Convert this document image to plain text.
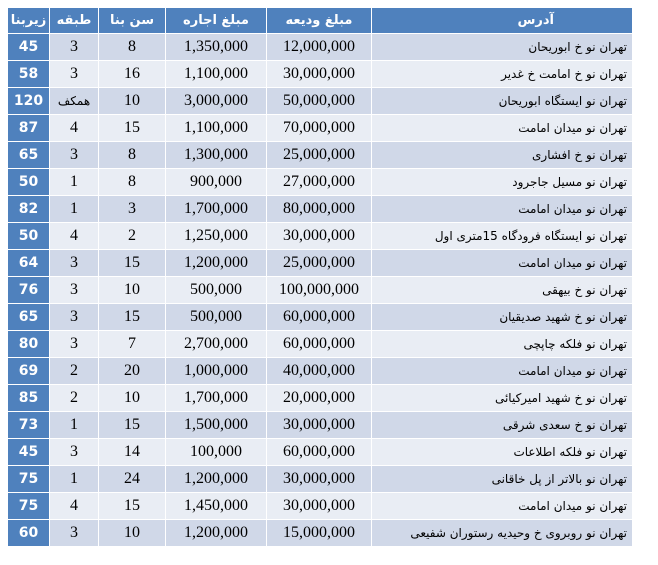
زیربنا	طبقه	سن بنا	مبلغ اجاره	مبلغ ودیعه	آدرس
45	3	8	1,350,000	12,000,000	تهران نو خ ابوریحان
58	3	16	1,100,000	30,000,000	تهران نو خ امامت خ غدیر
120	همکف	10	3,000,000	50,000,000	تهران نو ایستگاه ابوریحان
87	4	15	1,100,000	70,000,000	تهران نو میدان امامت
65	3	8	1,300,000	25,000,000	تهران نو خ افشاری
50	1	8	900,000	27,000,000	تهران نو مسیل جاجرود
82	1	3	1,700,000	80,000,000	تهران نو میدان امامت
50	4	2	1,250,000	30,000,000	تهران نو ایستگاه فرودگاه 15متری اول
64	3	15	1,200,000	25,000,000	تهران نو میدان امامت
76	3	10	500,000	100,000,000	تهران نو خ بیهقی
65	3	15	500,000	60,000,000	تهران نو خ شهید صدیقیان
80	3	7	2,700,000	60,000,000	تهران نو فلکه چاپچی
69	2	20	1,000,000	40,000,000	تهران نو میدان امامت
85	2	10	1,700,000	20,000,000	تهران نو خ شهید امیرکیائی
73	1	15	1,500,000	30,000,000	تهران نو خ سعدی شرقی
45	3	14	100,000	60,000,000	تهران نو فلکه اطلاعات
75	1	24	1,200,000	30,000,000	تهران نو بالاتر از پل خاقانی
75	4	15	1,450,000	30,000,000	تهران نو میدان امامت
60	3	10	1,200,000	15,000,000	تهران نو روبروی خ وحیدیه رستوران شفیعی
